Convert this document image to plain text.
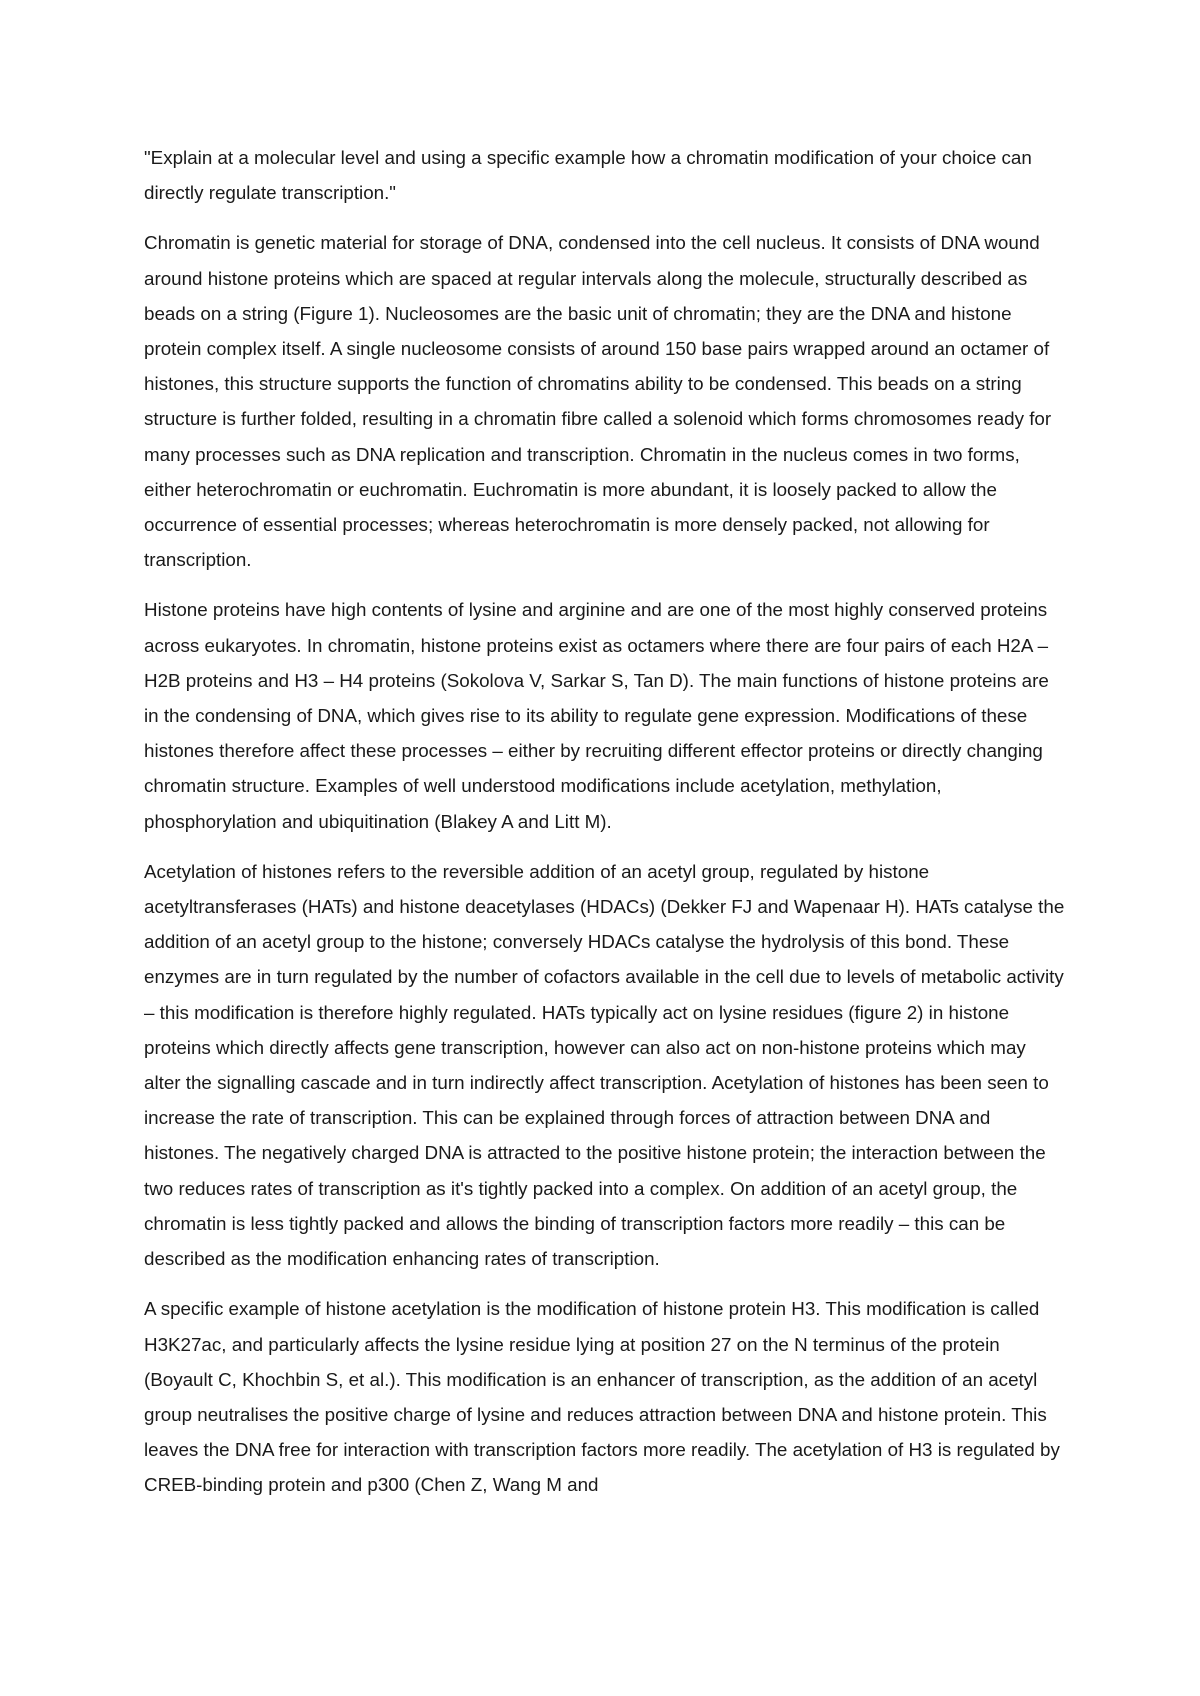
"Explain at a molecular level and using a specific example how a chromatin modification of your choice can directly regulate transcription."

Chromatin is genetic material for storage of DNA, condensed into the cell nucleus. It consists of DNA wound around histone proteins which are spaced at regular intervals along the molecule, structurally described as beads on a string (Figure 1). Nucleosomes are the basic unit of chromatin; they are the DNA and histone protein complex itself. A single nucleosome consists of around 150 base pairs wrapped around an octamer of histones, this structure supports the function of chromatins ability to be condensed. This beads on a string structure is further folded, resulting in a chromatin fibre called a solenoid which forms chromosomes ready for many processes such as DNA replication and transcription. Chromatin in the nucleus comes in two forms, either heterochromatin or euchromatin. Euchromatin is more abundant, it is loosely packed to allow the occurrence of essential processes; whereas heterochromatin is more densely packed, not allowing for transcription.

Histone proteins have high contents of lysine and arginine and are one of the most highly conserved proteins across eukaryotes. In chromatin, histone proteins exist as octamers where there are four pairs of each H2A – H2B proteins and H3 – H4 proteins (Sokolova V, Sarkar S, Tan D). The main functions of histone proteins are in the condensing of DNA, which gives rise to its ability to regulate gene expression. Modifications of these histones therefore affect these processes – either by recruiting different effector proteins or directly changing chromatin structure. Examples of well understood modifications include acetylation, methylation, phosphorylation and ubiquitination (Blakey A and Litt M).

Acetylation of histones refers to the reversible addition of an acetyl group, regulated by histone acetyltransferases (HATs) and histone deacetylases (HDACs) (Dekker FJ and Wapenaar H). HATs catalyse the addition of an acetyl group to the histone; conversely HDACs catalyse the hydrolysis of this bond. These enzymes are in turn regulated by the number of cofactors available in the cell due to levels of metabolic activity – this modification is therefore highly regulated. HATs typically act on lysine residues (figure 2) in histone proteins which directly affects gene transcription, however can also act on non-histone proteins which may alter the signalling cascade and in turn indirectly affect transcription. Acetylation of histones has been seen to increase the rate of transcription. This can be explained through forces of attraction between DNA and histones. The negatively charged DNA is attracted to the positive histone protein; the interaction between the two reduces rates of transcription as it's tightly packed into a complex. On addition of an acetyl group, the chromatin is less tightly packed and allows the binding of transcription factors more readily – this can be described as the modification enhancing rates of transcription.

A specific example of histone acetylation is the modification of histone protein H3. This modification is called H3K27ac, and particularly affects the lysine residue lying at position 27 on the N terminus of the protein (Boyault C, Khochbin S, et al.). This modification is an enhancer of transcription, as the addition of an acetyl group neutralises the positive charge of lysine and reduces attraction between DNA and histone protein. This leaves the DNA free for interaction with transcription factors more readily. The acetylation of H3 is regulated by CREB-binding protein and p300 (Chen Z, Wang M and
